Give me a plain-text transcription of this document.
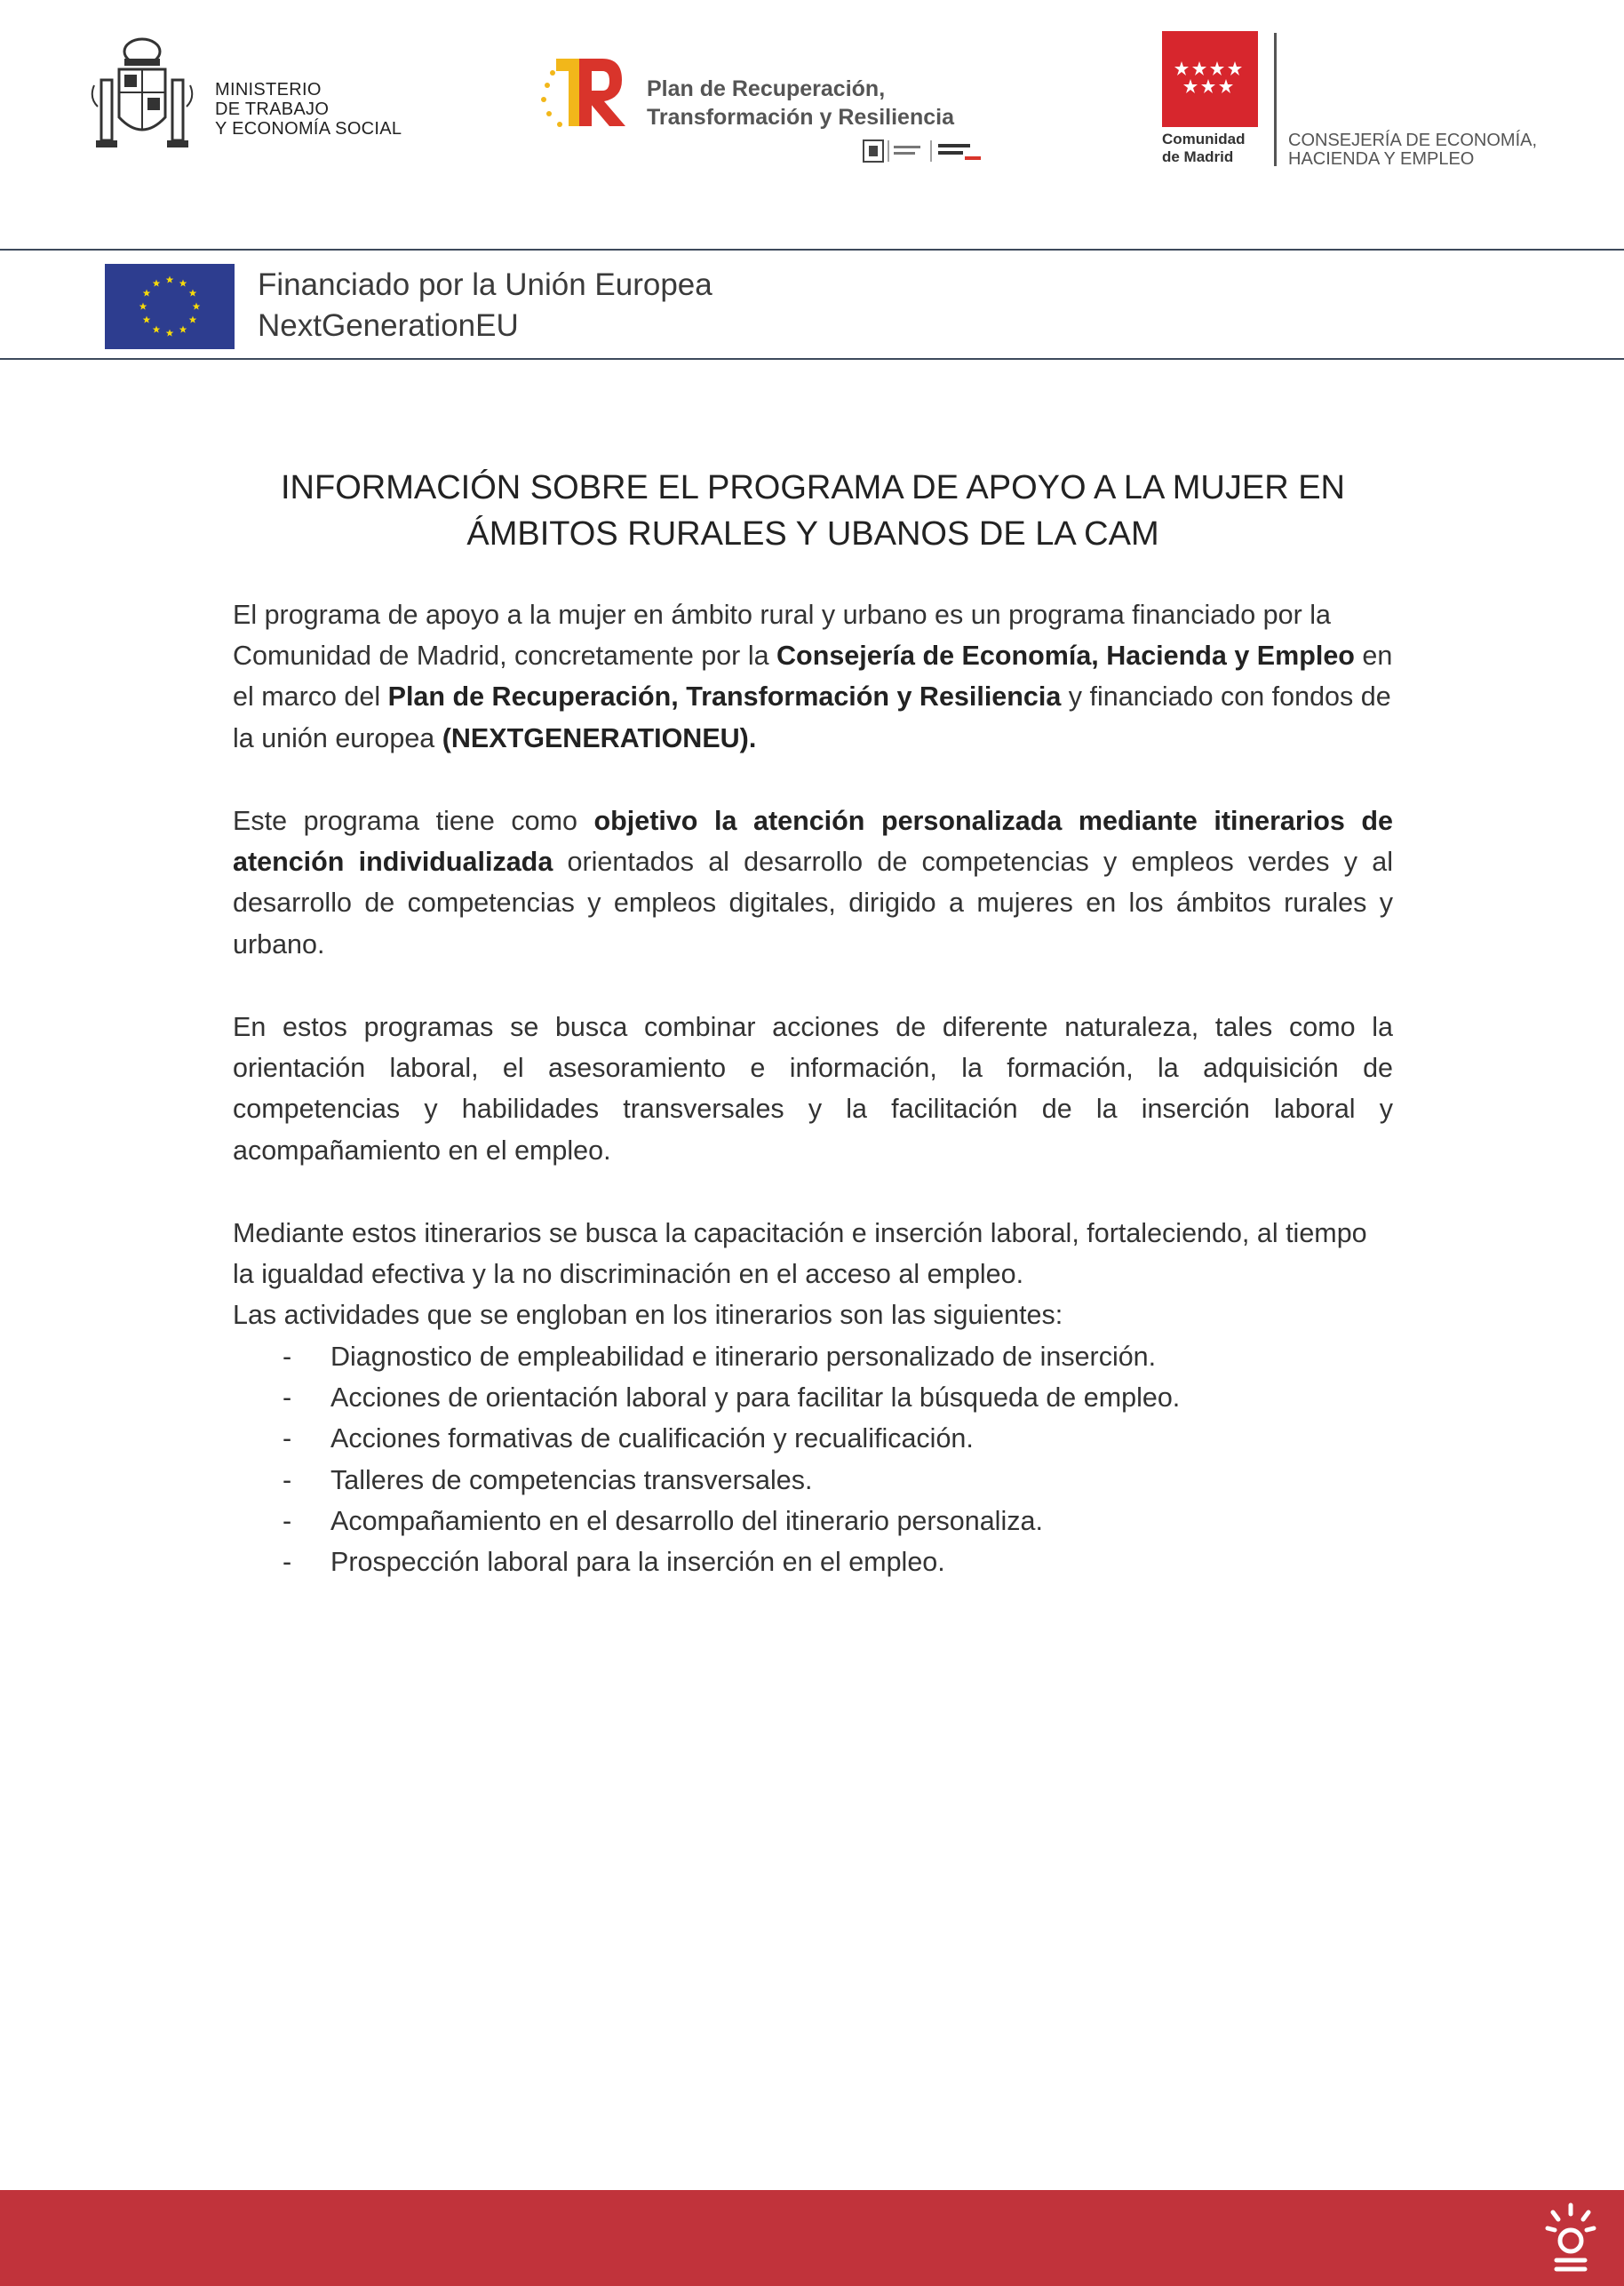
MINISTERIO
DE TRABAJO
Y ECONOMÍA SOCIAL
Plan de Recuperación,
Transformación y Resiliencia
Comunidad
de Madrid
CONSEJERÍA DE ECONOMÍA,
HACIENDA Y EMPLEO
Financiado por la Unión Europea
NextGenerationEU
INFORMACIÓN SOBRE EL PROGRAMA DE APOYO A LA MUJER EN
ÁMBITOS RURALES Y UBANOS DE LA CAM

El programa de apoyo a la mujer en ámbito rural y urbano es un programa financiado por la Comunidad de Madrid, concretamente por la Consejería de Economía, Hacienda y Empleo en el marco del Plan de Recuperación, Transformación y Resiliencia y financiado con fondos de la unión europea (NEXTGENERATIONEU).

Este programa tiene como objetivo la atención personalizada mediante itinerarios de atención individualizada orientados al desarrollo de competencias y empleos verdes y al desarrollo de competencias y empleos digitales, dirigido a mujeres en los ámbitos rurales y urbano.

En estos programas se busca combinar acciones de diferente naturaleza, tales como la orientación laboral, el asesoramiento e información, la formación, la adquisición de competencias y habilidades transversales y la facilitación de la inserción laboral y acompañamiento en el empleo.

Mediante estos itinerarios se busca la capacitación e inserción laboral, fortaleciendo, al tiempo
la igualdad efectiva y la no discriminación en el acceso al empleo.
Las actividades que se engloban en los itinerarios son las siguientes:
- Diagnostico de empleabilidad e itinerario personalizado de inserción.
- Acciones de orientación laboral y para facilitar la búsqueda de empleo.
- Acciones formativas de cualificación y recualificación.
- Talleres de competencias transversales.
- Acompañamiento en el desarrollo del itinerario personaliza.
- Prospección laboral para la inserción en el empleo.
